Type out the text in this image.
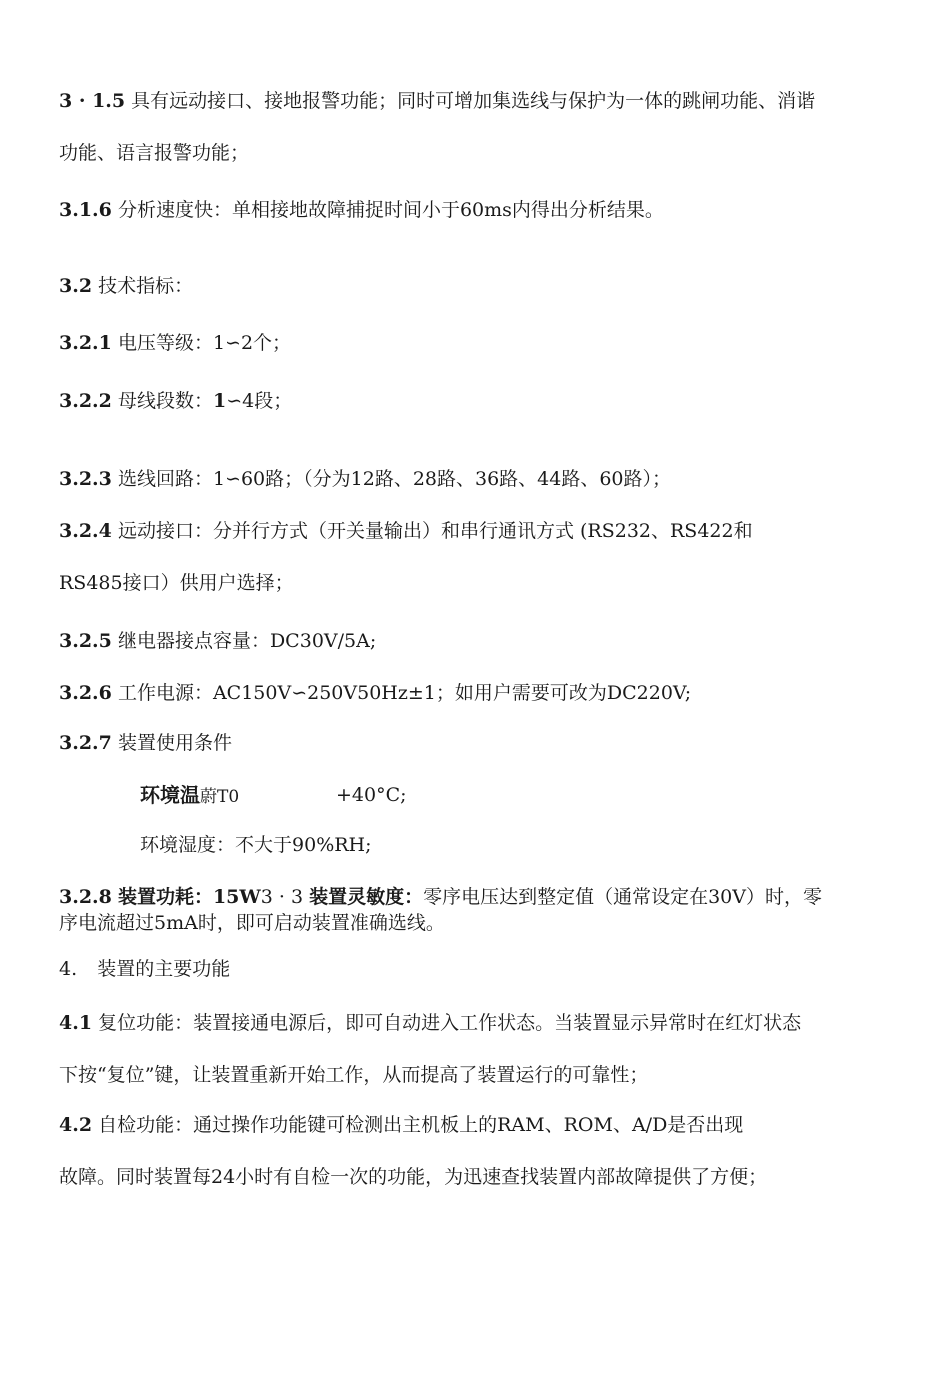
3 · 1.5 具有远动接口、接地报警功能；同时可增加集选线与保护为一体的跳闸功能、消谐
功能、语言报警功能；
3.1.6 分析速度快：单相接地故障捕捉时间小于60ms内得出分析结果。
3.2 技术指标：
3.2.1 电压等级：1∽2个；
3.2.2 母线段数：1∽4段；
3.2.3 选线回路：1∽60路；（分为12路、28路、36路、44路、60路）；
3.2.4 远动接口：分并行方式（开关量输出）和串行通讯方式 (RS232、RS422和
RS485接口）供用户选择；
3.2.5 继电器接点容量：DC30V/5A;
3.2.6 工作电源：AC150V∽250V50Hz±1；如用户需要可改为DC220V;
3.2.7 装置使用条件
环境温蔚T0	+40°C;
环境湿度：不大于90%RH;
3.2.8 装置功耗：15W3 · 3 装置灵敏度：零序电压达到整定值（通常设定在30V）时，零
序电流超过5mA时，即可启动装置准确选线。
4. 装置的主要功能
4.1 复位功能：装置接通电源后，即可自动进入工作状态。当装置显示异常时在红灯状态
下按“复位”键，让装置重新开始工作，从而提高了装置运行的可靠性；
4.2 自检功能：通过操作功能键可检测出主机板上的RAM、ROM、A/D是否出现
故障。同时装置每24小时有自检一次的功能，为迅速查找装置内部故障提供了方便；
